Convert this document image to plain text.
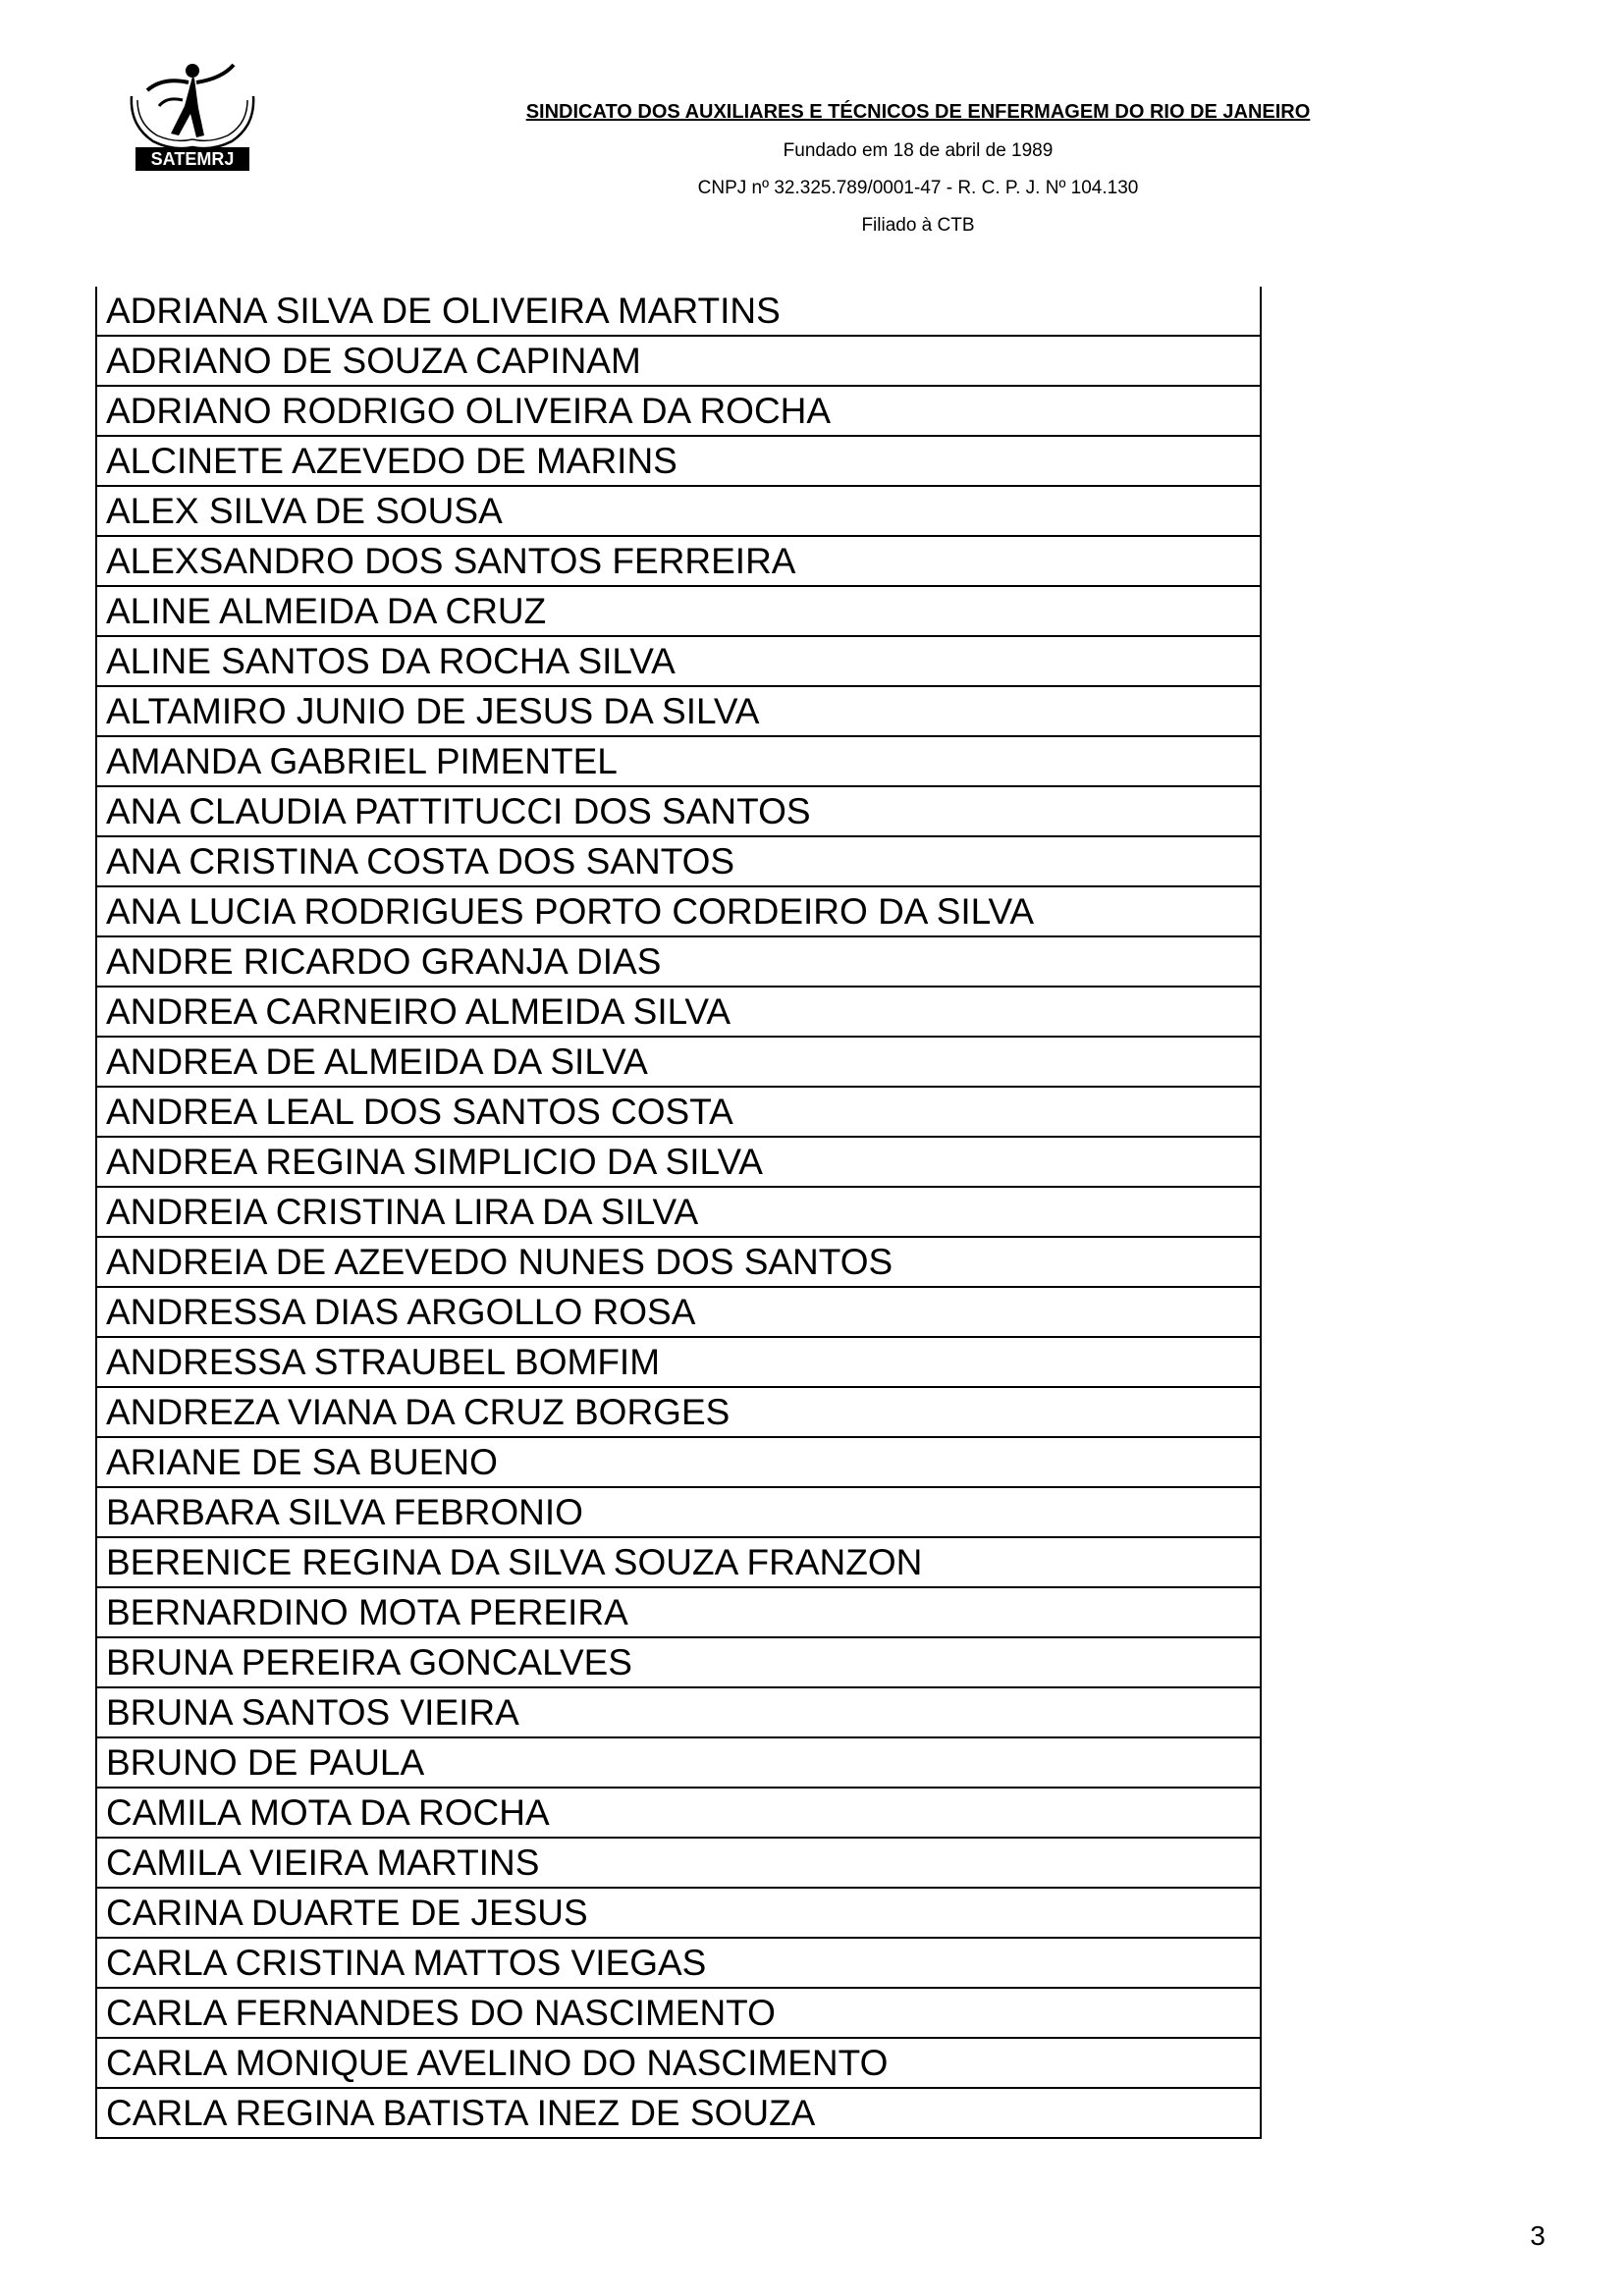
SATEMRJ

SINDICATO DOS AUXILIARES E TÉCNICOS DE ENFERMAGEM DO RIO DE JANEIRO

Fundado em 18 de abril de 1989

CNPJ nº 32.325.789/0001-47 - R. C. P. J. Nº 104.130

Filiado à CTB

ADRIANA SILVA DE OLIVEIRA MARTINS
ADRIANO DE SOUZA CAPINAM
ADRIANO RODRIGO OLIVEIRA DA ROCHA
ALCINETE AZEVEDO DE MARINS
ALEX SILVA DE SOUSA
ALEXSANDRO DOS SANTOS FERREIRA
ALINE ALMEIDA DA CRUZ
ALINE SANTOS DA ROCHA SILVA
ALTAMIRO JUNIO DE JESUS DA SILVA
AMANDA GABRIEL PIMENTEL
ANA CLAUDIA PATTITUCCI DOS SANTOS
ANA CRISTINA COSTA DOS SANTOS
ANA LUCIA RODRIGUES PORTO CORDEIRO DA SILVA
ANDRE RICARDO GRANJA DIAS
ANDREA CARNEIRO ALMEIDA SILVA
ANDREA DE ALMEIDA DA SILVA
ANDREA LEAL DOS SANTOS COSTA
ANDREA REGINA SIMPLICIO DA SILVA
ANDREIA CRISTINA LIRA DA SILVA
ANDREIA DE AZEVEDO NUNES DOS SANTOS
ANDRESSA DIAS ARGOLLO ROSA
ANDRESSA STRAUBEL BOMFIM
ANDREZA VIANA DA CRUZ BORGES
ARIANE DE SA BUENO
BARBARA SILVA FEBRONIO
BERENICE REGINA DA SILVA SOUZA FRANZON
BERNARDINO MOTA PEREIRA
BRUNA PEREIRA GONCALVES
BRUNA SANTOS VIEIRA
BRUNO DE PAULA
CAMILA MOTA DA ROCHA
CAMILA VIEIRA MARTINS
CARINA DUARTE DE JESUS
CARLA CRISTINA MATTOS VIEGAS
CARLA FERNANDES DO NASCIMENTO
CARLA MONIQUE AVELINO DO NASCIMENTO
CARLA REGINA BATISTA INEZ DE SOUZA
3
